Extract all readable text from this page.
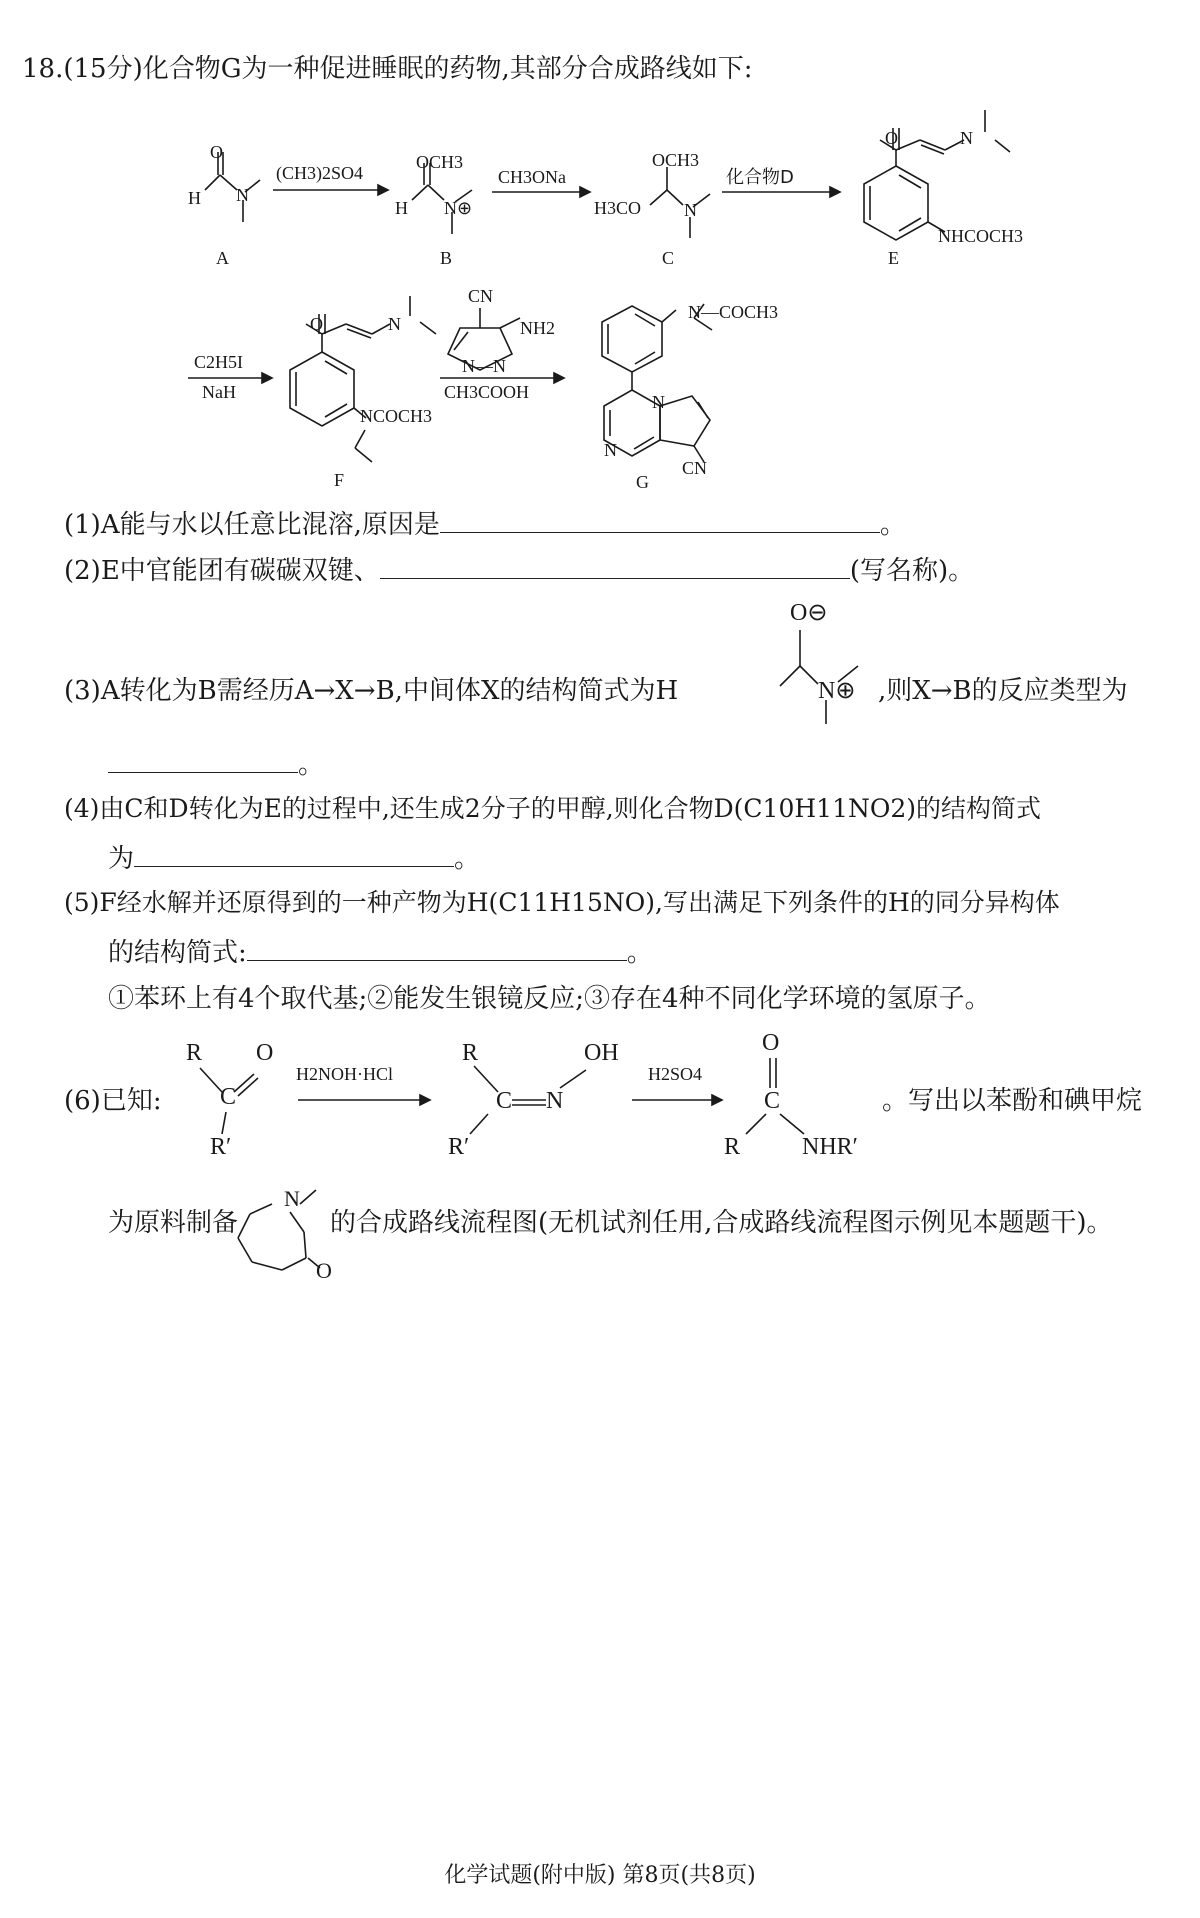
18.(15分)化合物G为一种促进睡眠的药物,其部分合成路线如下:
O
H N
A
(CH3)2SO4
OCH3
H N⊕
B
CH3ONa
OCH3
H3CO N
C
化合物D
O	N
NHCOCH3
E
C2H5I
NaH
O	N
NCOCH3
F
CN
NH2
N—N
CH3COOH
N—COCH3
N
N
CN
G
(1)A能与水以任意比混溶,原因是	。
(2)E中官能团有碳碳双键、	(写名称)。
O⊖
N⊕
(3)A转化为B需经历A→X→B,中间体X的结构简式为H	,则X→B的反应类型为
。
(4)由C和D转化为E的过程中,还生成2分子的甲醇,则化合物D(C10H11NO2)的结构简式
为	。
(5)F经水解并还原得到的一种产物为H(C11H15NO),写出满足下列条件的H的同分异构体
的结构简式:	。
①苯环上有4个取代基;②能发生银镜反应;③存在4种不同化学环境的氢原子。
(6)已知:
R O
C
R′
H2NOH·HCl
R
C N
OH
R′
H2SO4
O
C
R	NHR′
。写出以苯酚和碘甲烷
N
O
为原料制备	的合成路线流程图(无机试剂任用,合成路线流程图示例见本题题干)。
化学试题(附中版) 第8页(共8页)
